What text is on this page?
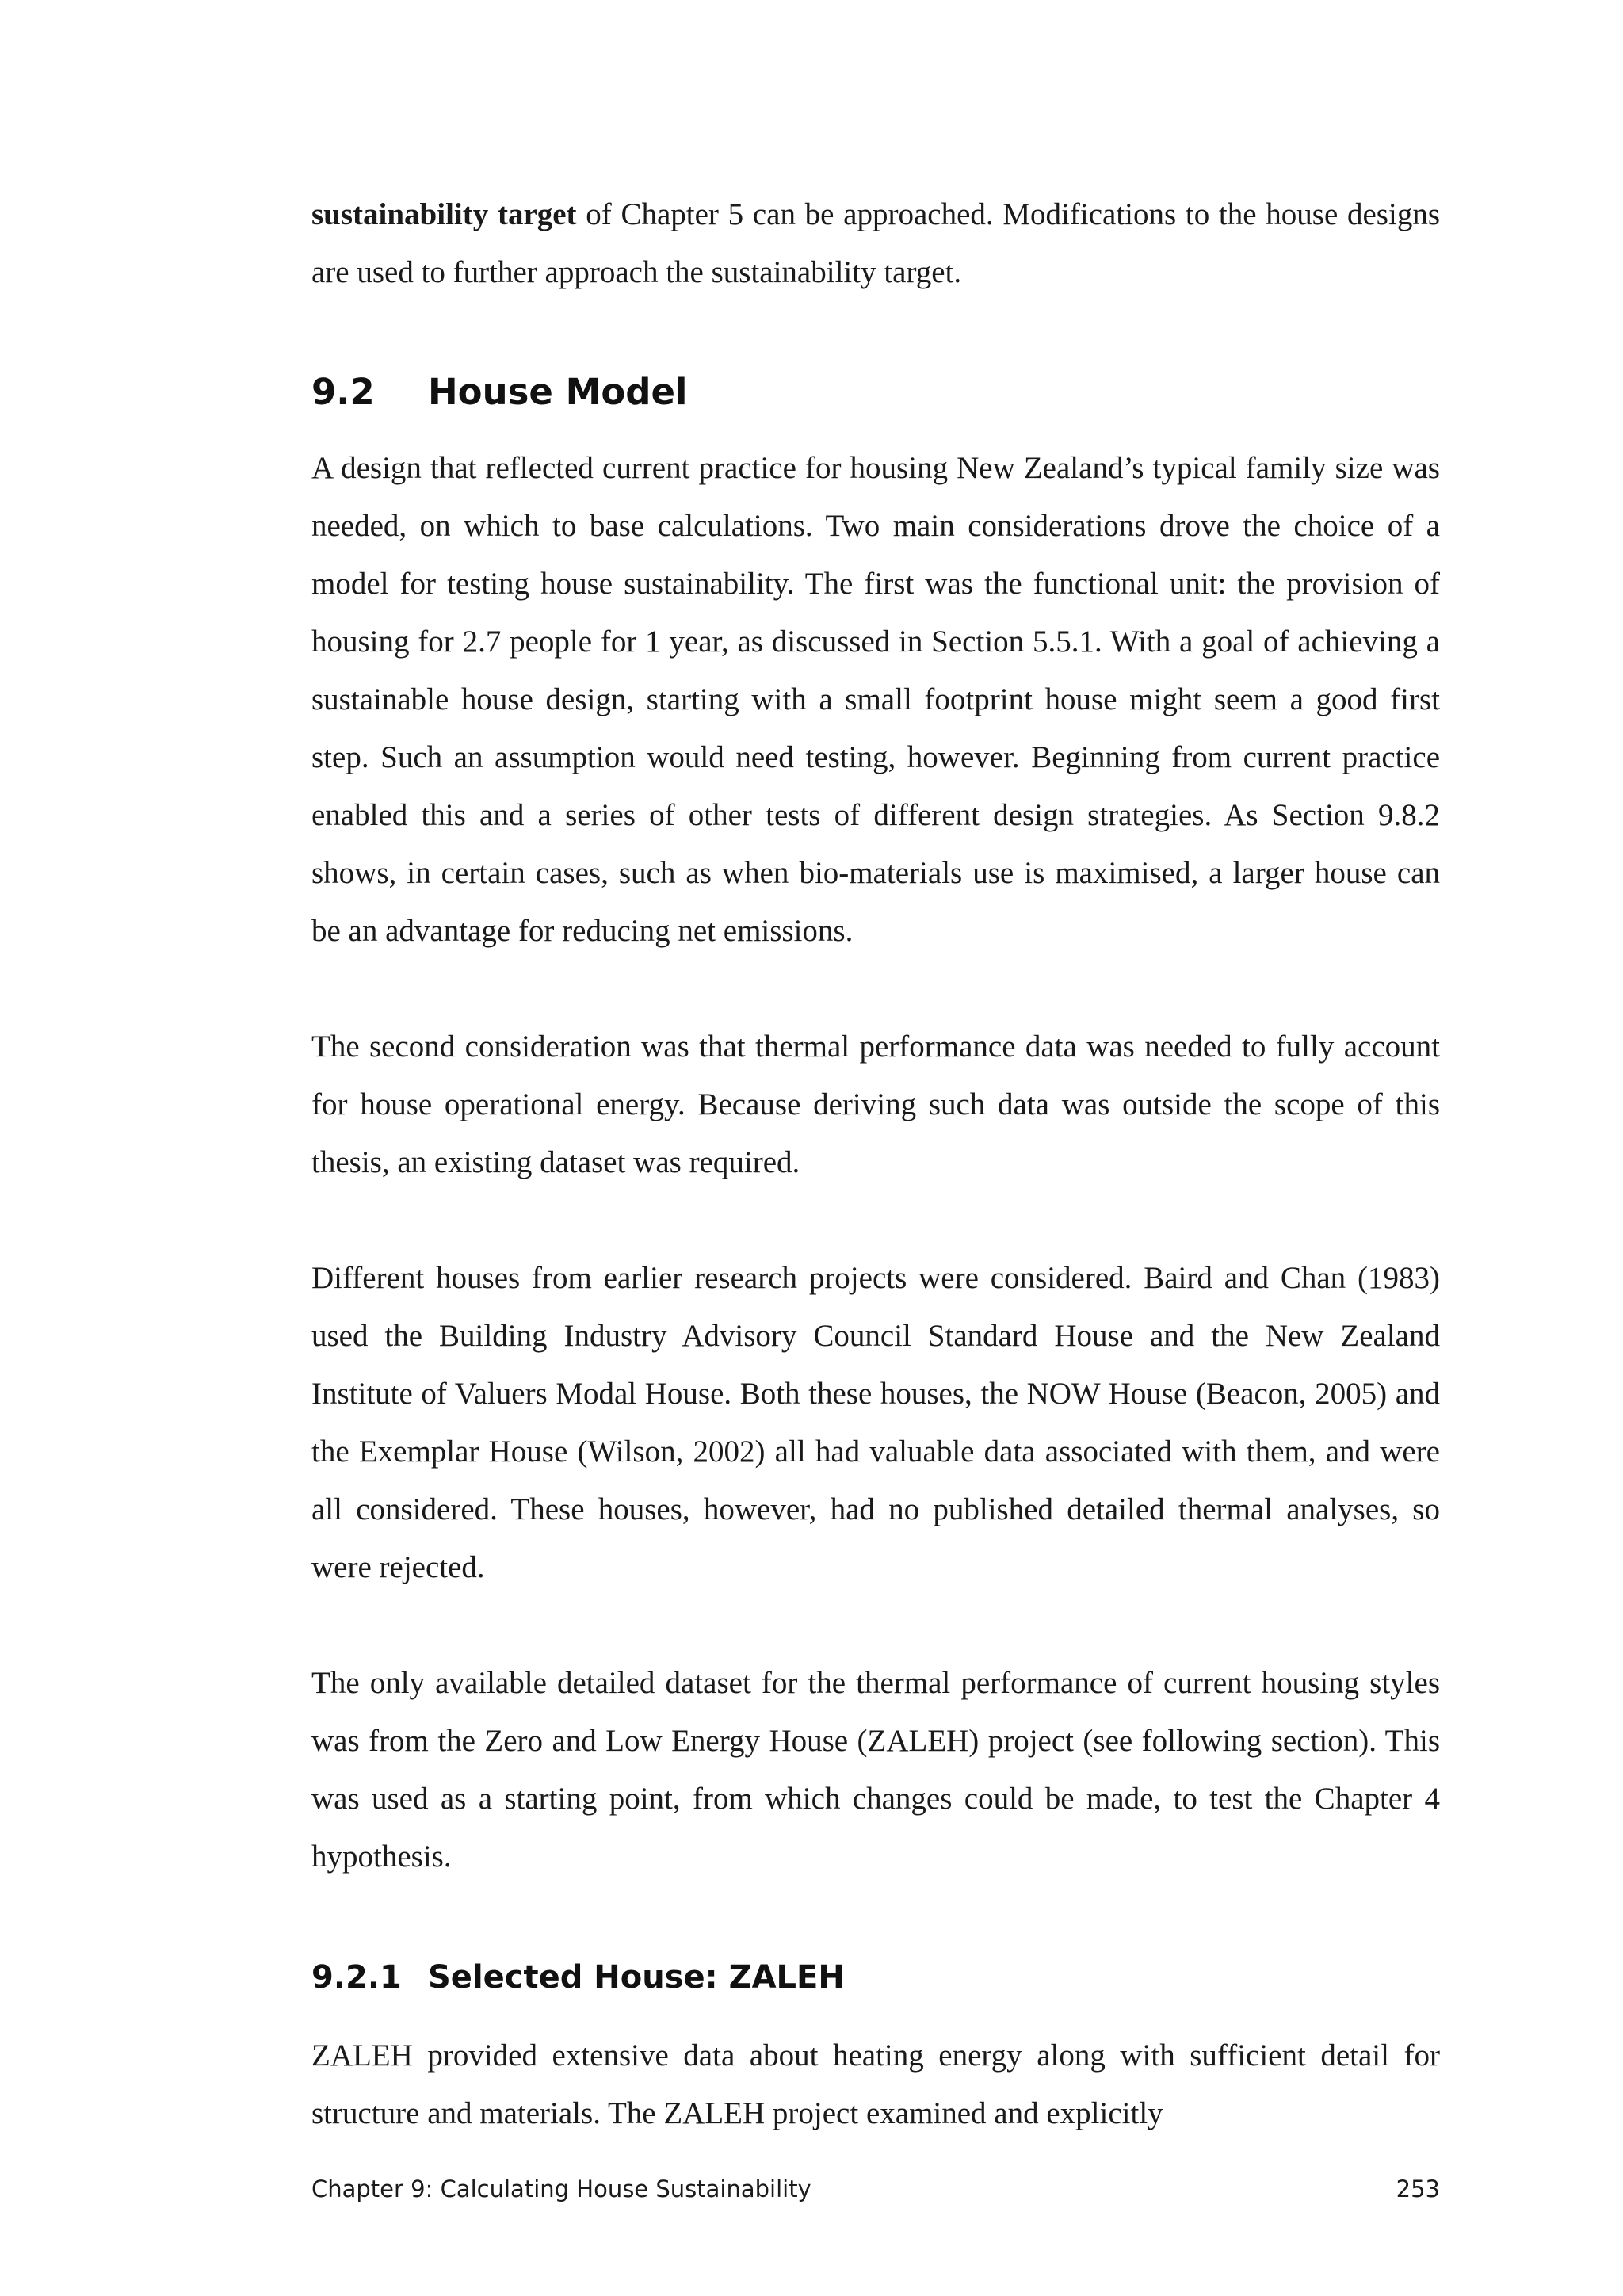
sustainability target of Chapter 5 can be approached. Modifications to the house designs are used to further approach the sustainability target.

9.2 House Model

A design that reflected current practice for housing New Zealand’s typical family size was needed, on which to base calculations. Two main considerations drove the choice of a model for testing house sustainability. The first was the functional unit: the provision of housing for 2.7 people for 1 year, as discussed in Section 5.5.1. With a goal of achieving a sustainable house design, starting with a small footprint house might seem a good first step. Such an assumption would need testing, however. Beginning from current practice enabled this and a series of other tests of different design strategies. As Section 9.8.2 shows, in certain cases, such as when bio-materials use is maximised, a larger house can be an advantage for reducing net emissions.

The second consideration was that thermal performance data was needed to fully account for house operational energy. Because deriving such data was outside the scope of this thesis, an existing dataset was required.

Different houses from earlier research projects were considered. Baird and Chan (1983) used the Building Industry Advisory Council Standard House and the New Zealand Institute of Valuers Modal House. Both these houses, the NOW House (Beacon, 2005) and the Exemplar House (Wilson, 2002) all had valuable data associated with them, and were all considered. These houses, however, had no published detailed thermal analyses, so were rejected.

The only available detailed dataset for the thermal performance of current housing styles was from the Zero and Low Energy House (ZALEH) project (see following section). This was used as a starting point, from which changes could be made, to test the Chapter 4 hypothesis.

9.2.1 Selected House: ZALEH

ZALEH provided extensive data about heating energy along with sufficient detail for structure and materials. The ZALEH project examined and explicitly

Chapter 9: Calculating House Sustainability	253
